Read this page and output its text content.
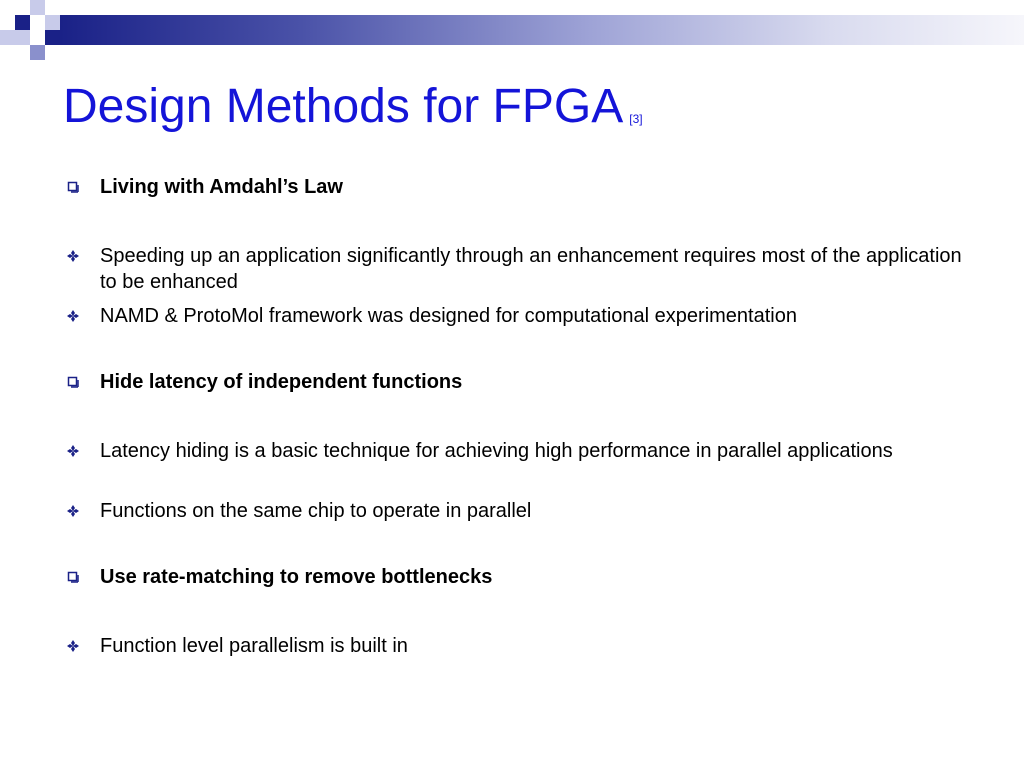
Design Methods for FPGA [3]
Living with Amdahl’s Law
Speeding up an application significantly through an enhancement requires most of the application to be enhanced
NAMD & ProtoMol framework was designed for computational experimentation
Hide latency of independent functions
Latency hiding is a basic technique for achieving high performance in parallel applications
Functions on the same chip to operate in parallel
Use rate-matching to remove bottlenecks
Function level parallelism is built in
